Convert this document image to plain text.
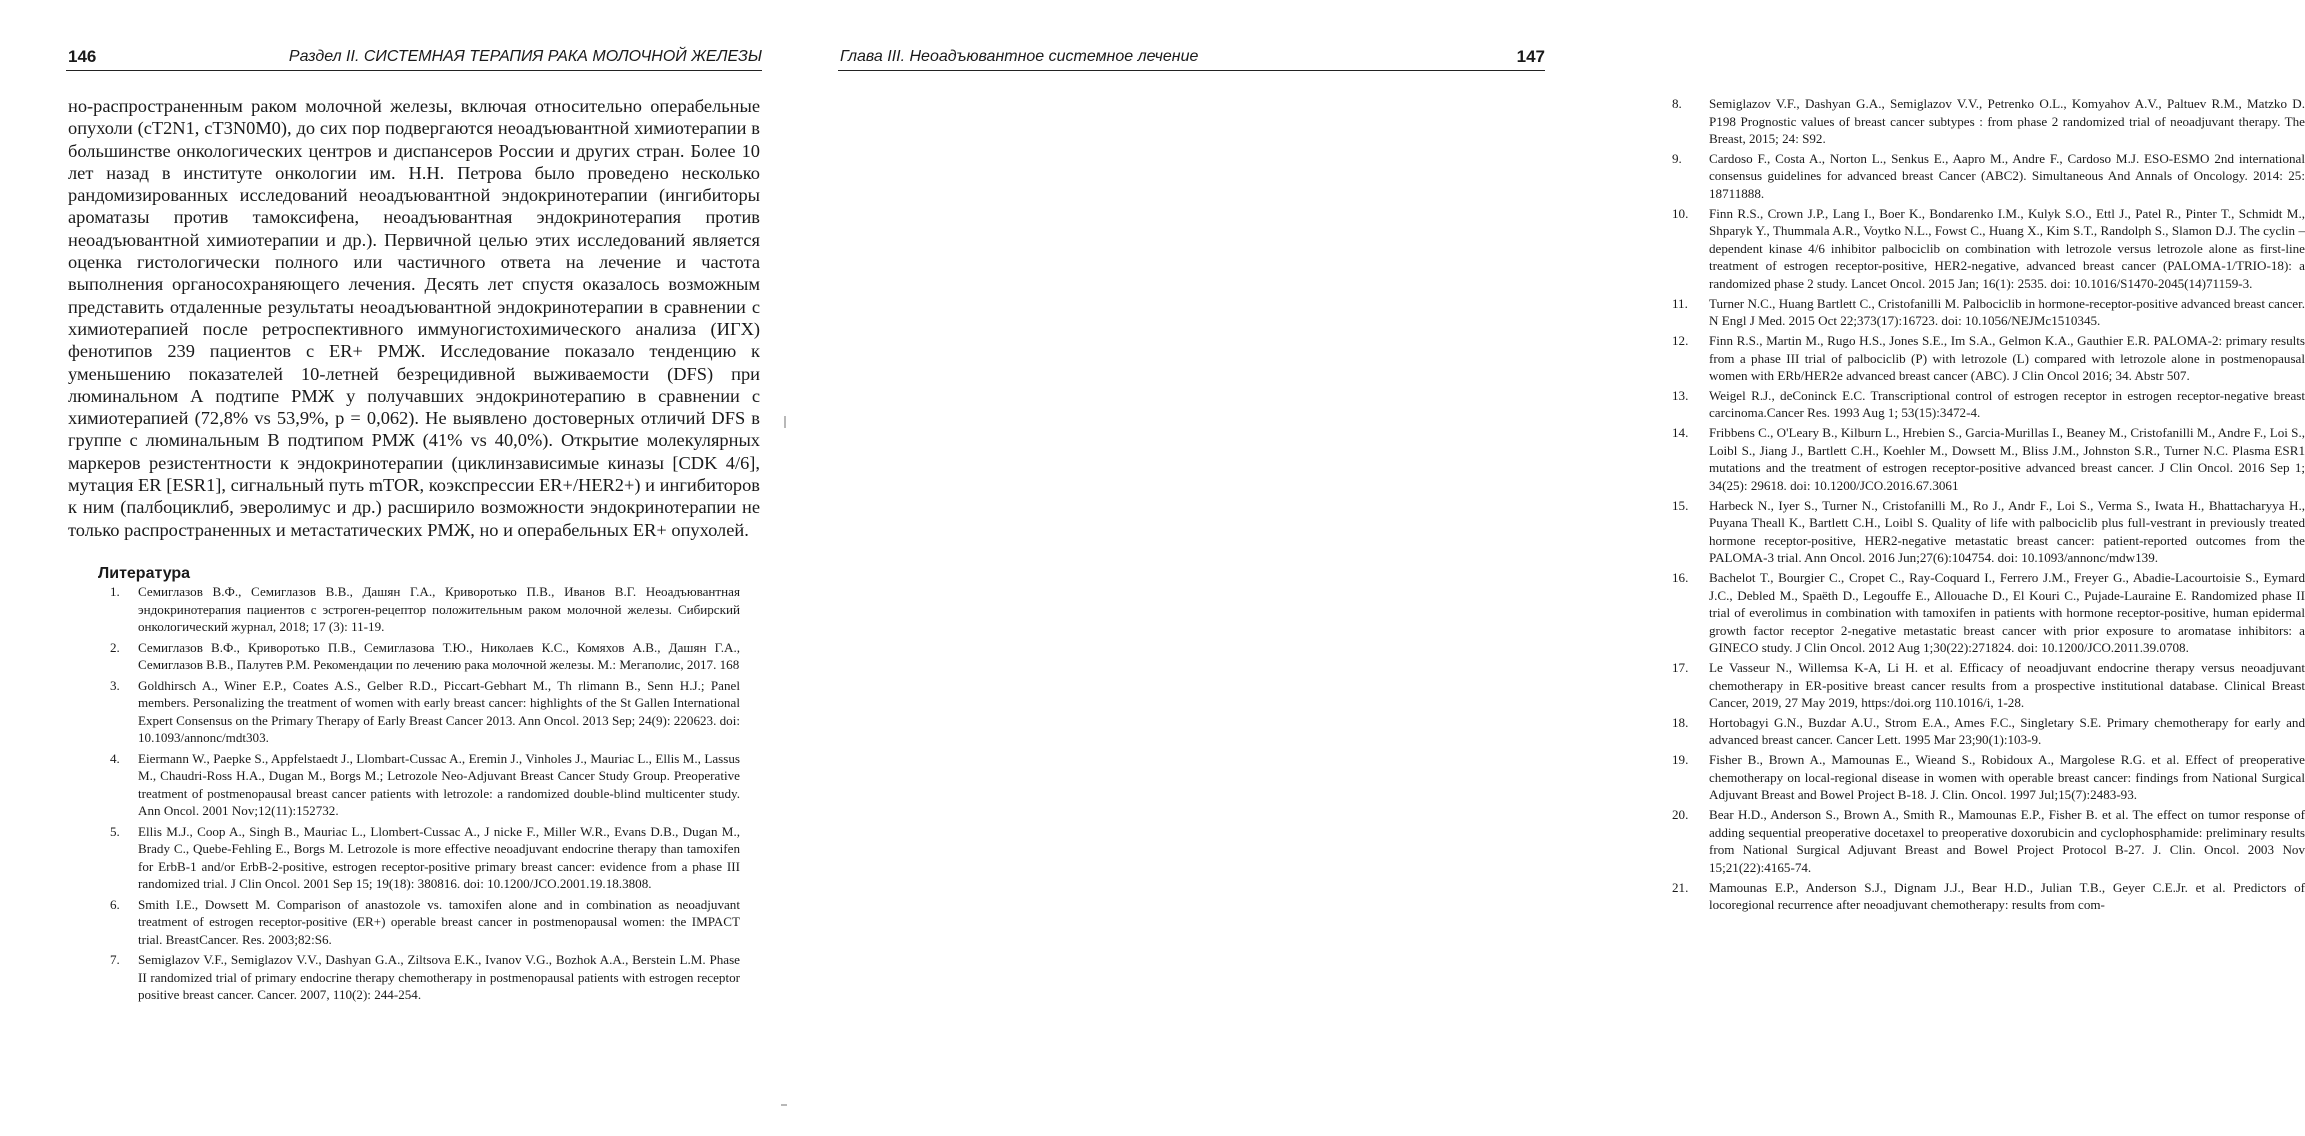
146	Раздел II. СИСТЕМНАЯ ТЕРАПИЯ РАКА МОЛОЧНОЙ ЖЕЛЕЗЫ

но-распространенным раком молочной железы, включая относительно операбельные опухоли (cT2N1, cT3N0M0), до сих пор подвергаются неоадъювантной химиотерапии в большинстве онкологических центров и диспансеров России и других стран. Более 10 лет назад в институте онкологии им. Н.Н. Петрова было проведено несколько рандомизированных исследований неоадъювантной эндокринотерапии (ингибиторы ароматазы против тамоксифена, неоадъювантная эндокринотерапия против неоадъювантной химиотерапии и др.). Первичной целью этих исследований является оценка гистологически полного или частичного ответа на лечение и частота выполнения органосохраняющего лечения. Десять лет спустя оказалось возможным представить отдаленные результаты неоадъювантной эндокринотерапии в сравнении с химиотерапией после ретроспективного иммуногистохимического анализа (ИГХ) фенотипов 239 пациентов с ER+ РМЖ. Исследование показало тенденцию к уменьшению показателей 10-летней безрецидивной выживаемости (DFS) при люминальном А подтипе РМЖ у получавших эндокринотерапию в сравнении с химиотерапией (72,8% vs 53,9%, p = 0,062). Не выявлено достоверных отличий DFS в группе с люминальным В подтипом РМЖ (41% vs 40,0%). Открытие молекулярных маркеров резистентности к эндокринотерапии (циклинзависимые киназы [CDK 4/6], мутация ER [ESR1], сигнальный путь mTOR, коэкспрессии ER+/HER2+) и ингибиторов к ним (палбоциклиб, эверолимус и др.) расширило возможности эндокринотерапии не только распространенных и метастатических РМЖ, но и операбельных ER+ опухолей.

Литература
1. Семиглазов В.Ф., Семиглазов В.В., Дашян Г.А., Криворотько П.В., Иванов В.Г. Неоадъювантная эндокринотерапия пациентов с эстроген-рецептор положительным раком молочной железы. Сибирский онкологический журнал, 2018; 17 (3): 11-19.
2. Семиглазов В.Ф., Криворотько П.В., Семиглазова Т.Ю., Николаев К.С., Комяхов А.В., Дашян Г.А., Семиглазов В.В., Палутев Р.М. Рекомендации по лечению рака молочной железы. М.: Мегаполис, 2017. 168
3. Goldhirsch A., Winer E.P., Coates A.S., Gelber R.D., Piccart-Gebhart M., Th rlimann B., Senn H.J.; Panel members. Personalizing the treatment of women with early breast cancer: highlights of the St Gallen International Expert Consensus on the Primary Therapy of Early Breast Cancer 2013. Ann Oncol. 2013 Sep; 24(9): 220623. doi: 10.1093/annonc/mdt303.
4. Eiermann W., Paepke S., Appfelstaedt J., Llombart-Cussac A., Eremin J., Vinholes J., Mauriac L., Ellis M., Lassus M., Chaudri-Ross H.A., Dugan M., Borgs M.; Letrozole Neo-Adjuvant Breast Cancer Study Group. Preoperative treatment of postmenopausal breast cancer patients with letrozole: a randomized double-blind multicenter study. Ann Oncol. 2001 Nov;12(11):152732.
5. Ellis M.J., Coop A., Singh B., Mauriac L., Llombert-Cussac A., J nicke F., Miller W.R., Evans D.B., Dugan M., Brady C., Quebe-Fehling E., Borgs M. Letrozole is more effective neoadjuvant endocrine therapy than tamoxifen for ErbB-1 and/or ErbB-2-positive, estrogen receptor-positive primary breast cancer: evidence from a phase III randomized trial. J Clin Oncol. 2001 Sep 15; 19(18): 380816. doi: 10.1200/JCO.2001.19.18.3808.
6. Smith I.E., Dowsett M. Comparison of anastozole vs. tamoxifen alone and in combination as neoadjuvant treatment of estrogen receptor-positive (ER+) operable breast cancer in postmenopausal women: the IMPACT trial. BreastCancer. Res. 2003;82:S6.
7. Semiglazov V.F., Semiglazov V.V., Dashyan G.A., Ziltsova E.K., Ivanov V.G., Bozhok A.A., Berstein L.M. Phase II randomized trial of primary endocrine therapy chemotherapy in postmenopausal patients with estrogen receptor positive breast cancer. Cancer. 2007, 110(2): 244-254.
Глава III. Неоадъювантное системное лечение	147
8. Semiglazov V.F., Dashyan G.A., Semiglazov V.V., Petrenko O.L., Komyahov A.V., Paltuev R.M., Matzko D. P198 Prognostic values of breast cancer subtypes : from phase 2 randomized trial of neoadjuvant therapy. The Breast, 2015; 24: S92.
9. Cardoso F., Costa A., Norton L., Senkus E., Aapro M., Andre F., Cardoso M.J. ESO-ESMO 2nd international consensus guidelines for advanced breast Cancer (ABC2). Simultaneous And Annals of Oncology. 2014: 25: 18711888.
10. Finn R.S., Crown J.P., Lang I., Boer K., Bondarenko I.M., Kulyk S.O., Ettl J., Patel R., Pinter T., Schmidt M., Shparyk Y., Thummala A.R., Voytko N.L., Fowst C., Huang X., Kim S.T., Randolph S., Slamon D.J. The cyclin – dependent kinase 4/6 inhibitor palbociclib on combination with letrozole versus letrozole alone as first-line treatment of estrogen receptor-positive, HER2-negative, advanced breast cancer (PALOMA-1/TRIO-18): a randomized phase 2 study. Lancet Oncol. 2015 Jan; 16(1): 2535. doi: 10.1016/S1470-2045(14)71159-3.
11. Turner N.C., Huang Bartlett C., Cristofanilli M. Palbociclib in hormone-receptor-positive advanced breast cancer. N Engl J Med. 2015 Oct 22;373(17):16723. doi: 10.1056/NEJMc1510345.
12. Finn R.S., Martin M., Rugo H.S., Jones S.E., Im S.A., Gelmon K.A., Gauthier E.R. PALOMA-2: primary results from a phase III trial of palbociclib (P) with letrozole (L) compared with letrozole alone in postmenopausal women with ERb/HER2e advanced breast cancer (ABC). J Clin Oncol 2016; 34. Abstr 507.
13. Weigel R.J., deConinck E.C. Transcriptional control of estrogen receptor in estrogen receptor-negative breast carcinoma.Cancer Res. 1993 Aug 1; 53(15):3472-4.
14. Fribbens C., O'Leary B., Kilburn L., Hrebien S., Garcia-Murillas I., Beaney M., Cristofanilli M., Andre F., Loi S., Loibl S., Jiang J., Bartlett C.H., Koehler M., Dowsett M., Bliss J.M., Johnston S.R., Turner N.C. Plasma ESR1 mutations and the treatment of estrogen receptor-positive advanced breast cancer. J Clin Oncol. 2016 Sep 1; 34(25): 29618. doi: 10.1200/JCO.2016.67.3061
15. Harbeck N., Iyer S., Turner N., Cristofanilli M., Ro J., Andr F., Loi S., Verma S., Iwata H., Bhattacharyya H., Puyana Theall K., Bartlett C.H., Loibl S. Quality of life with palbociclib plus full-vestrant in previously treated hormone receptor-positive, HER2-negative metastatic breast cancer: patient-reported outcomes from the PALOMA-3 trial. Ann Oncol. 2016 Jun;27(6):104754. doi: 10.1093/annonc/mdw139.
16. Bachelot T., Bourgier C., Cropet C., Ray-Coquard I., Ferrero J.M., Freyer G., Abadie-Lacourtoisie S., Eymard J.C., Debled M., Spaëth D., Legouffe E., Allouache D., El Kouri C., Pujade-Lauraine E. Randomized phase II trial of everolimus in combination with tamoxifen in patients with hormone receptor-positive, human epidermal growth factor receptor 2-negative metastatic breast cancer with prior exposure to aromatase inhibitors: a GINECO study. J Clin Oncol. 2012 Aug 1;30(22):271824. doi: 10.1200/JCO.2011.39.0708.
17. Le Vasseur N., Willemsa K-A, Li H. et al. Efficacy of neoadjuvant endocrine therapy versus neoadjuvant chemotherapy in ER-positive breast cancer results from a prospective institutional database. Clinical Breast Cancer, 2019, 27 May 2019, https:/doi.org 110.1016/i, 1-28.
18. Hortobagyi G.N., Buzdar A.U., Strom E.A., Ames F.C., Singletary S.E. Primary chemotherapy for early and advanced breast cancer. Cancer Lett. 1995 Mar 23;90(1):103-9.
19. Fisher B., Brown A., Mamounas E., Wieand S., Robidoux A., Margolese R.G. et al. Effect of preoperative chemotherapy on local-regional disease in women with operable breast cancer: findings from National Surgical Adjuvant Breast and Bowel Project B-18. J. Clin. Oncol. 1997 Jul;15(7):2483-93.
20. Bear H.D., Anderson S., Brown A., Smith R., Mamounas E.P., Fisher B. et al. The effect on tumor response of adding sequential preoperative docetaxel to preoperative doxorubicin and cyclophosphamide: preliminary results from National Surgical Adjuvant Breast and Bowel Project Protocol B-27. J. Clin. Oncol. 2003 Nov 15;21(22):4165-74.
21. Mamounas E.P., Anderson S.J., Dignam J.J., Bear H.D., Julian T.B., Geyer C.E.Jr. et al. Predictors of locoregional recurrence after neoadjuvant chemotherapy: results from com-
